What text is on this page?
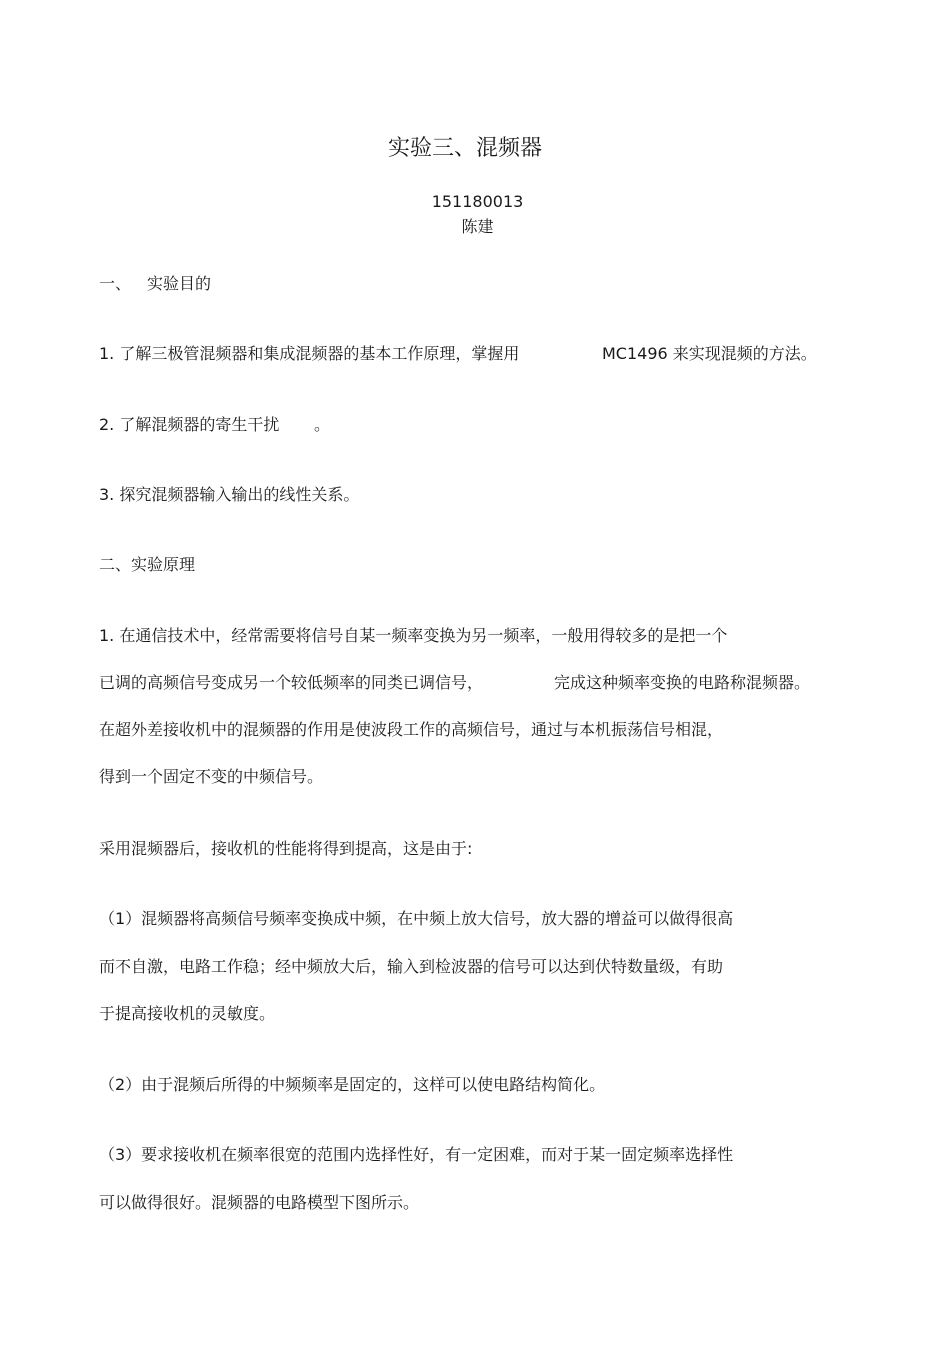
实验三、混频器
151180013
陈建
一、 实验目的
1. 了解三极管混频器和集成混频器的基本工作原理，掌握用	MC1496 来实现混频的方法。
2. 了解混频器的寄生干扰 。
3. 探究混频器输入输出的线性关系。
二、实验原理
1. 在通信技术中，经常需要将信号自某一频率变换为另一频率，一般用得较多的是把一个
已调的高频信号变成另一个较低频率的同类已调信号，	完成这种频率变换的电路称混频器。
在超外差接收机中的混频器的作用是使波段工作的高频信号，通过与本机振荡信号相混，
得到一个固定不变的中频信号。
采用混频器后，接收机的性能将得到提高，这是由于:
（1）混频器将高频信号频率变换成中频，在中频上放大信号，放大器的增益可以做得很高
而不自激，电路工作稳；经中频放大后，输入到检波器的信号可以达到伏特数量级，有助
于提高接收机的灵敏度。
（2）由于混频后所得的中频频率是固定的，这样可以使电路结构简化。
（3）要求接收机在频率很宽的范围内选择性好，有一定困难，而对于某一固定频率选择性
可以做得很好。混频器的电路模型下图所示。
